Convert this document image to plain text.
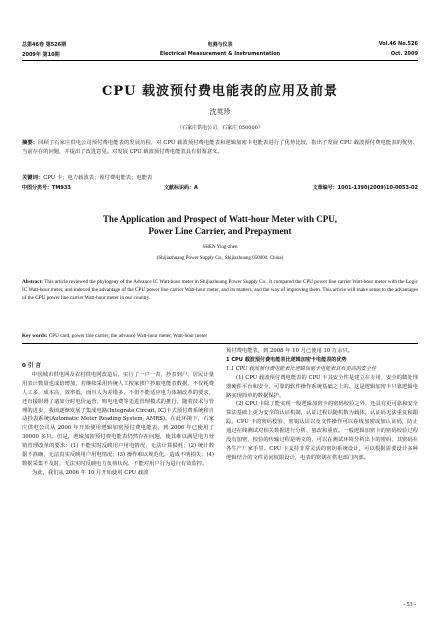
总第46卷 第526期	电测与仪表	Vol.46 No.526
2009年 第10期	Electrical Measurement & Instrumentation	Oct. 2009
CPU 载波预付费电能表的应用及前景
沈英珍
（石家庄供电公司，石家庄 050000）
摘要：回顾了石家庄供电公司预付费电能表的发展历程，对 CPU 载波预付费电能表和逻辑加密卡电能表进行了优势比较，指出了发展 CPU 载波预付费电能表的优势、当前存在的问题，并提出了改进意见。对发展 CPU 载波预付费电能表具有借鉴意义。
关键词：CPU 卡；电力载波表；预付费电能表；电能表
中图分类号：TM933	文献标识码：A	文章编号：1001-1390(2009)10-0053-02
The Application and Prospect of Watt-hour Meter with CPU,
Power Line Carrier, and Prepayment
SHEN Ying-zhen
(Shijiazhuang Power Supply Co., Shijiazhuang 050000, China)
Abstract: This article reviewed the phylogeny of the Advance IC Watt-hour meter in Shijiazhuang Power Supply Co.. It compared the CPU power line carrier Watt-hour meter with the Logic IC Watt-hour meter, and indexed the advantage of the CPU power line carrier Watt-hour meter, and its matters, and the way of improving them. This article will make sense to the advantages of the CPU power line carrier Watt-hour meter in our country.
Key words: CPU card, power line carrier, the advance Watt-hour meter, Watt-hour meter

0 引 言

中国城市供电网及农村供电网改造后，实行了一户一表，抄表到户，居民计量用表计数量也成倍增加，若继续采用传统人工按家挨户抄取电能表数据，不仅耗费人工多、成本高、效率低，而且人为差错多，不但不能适应电力体制改革的要求，还直接阻碍了诸如分时电价运营、购电电费等先进管理模式的推行。随着技术与管理的进步，我国逐渐发展了集成电路(Integrate Circuit, IC)卡式预付费系统和自动抄表系统(Automatic Meter Reading System, AMRS)。在此环境下，石家庄供电公司从 2000 年开始使用逻辑加密预付费电能表，到 2006 年已使用了 30000 多只。但是，逻辑加密预付费电能表仍然存在问题，使其难以满足电力营销管理改革的要求：(1) 不能实时反映用户用电情况，无法计算损耗；(2) 统计数据不准确，无法真实反映用户用电情况；(3) 操作难以规范化，造成不明损失；(4) 数据采集不及时，无法实时反映电力负荷状况，不能对用户行为进行有效监控。

为此，我们从 2006 年 10 月开始使用 CPU 载波

预付费电能表，到 2008 年 10 月已使用 10 万余只。

1 CPU 载波预付费电能表比逻辑加密卡电能表的优势

1.1 CPU 载波预付费电能表比逻辑加密卡电能表具有更高的安全性

(1) CPU 载波预付费电能表的 CPU 卡其安全性是建立在专用、安全的微处理器硬件平台和安全、可靠的软件操作系统基础之上的。这是逻辑加密卡只靠逻辑电路实现简单的数据保护。

(2) CPU 卡除了能实现一般逻辑加密卡的密码校验之外，还具有更可靠和安全算法基础上更为安全的认证机制，认证过程以随机数为载体，认证码无法重复和跟踪。CPU 卡的密码校验、密钥认证以及文件操作可以在线加密或加认证码，防止通过在线测试对相关数据进行分析、篡改和重放。一般逻辑加密卡的密码校验过程没有加密，校验的传输过程是明文的，可以在测试环境分析出卡的密码，其密码在各生产厂家手里。CPU 卡支持非常灵活的密钥系统设计，可以根据需要设计多种逻辑结合的文件访问权限设计，电表的密钥在供电部门内部。

- 53 -
